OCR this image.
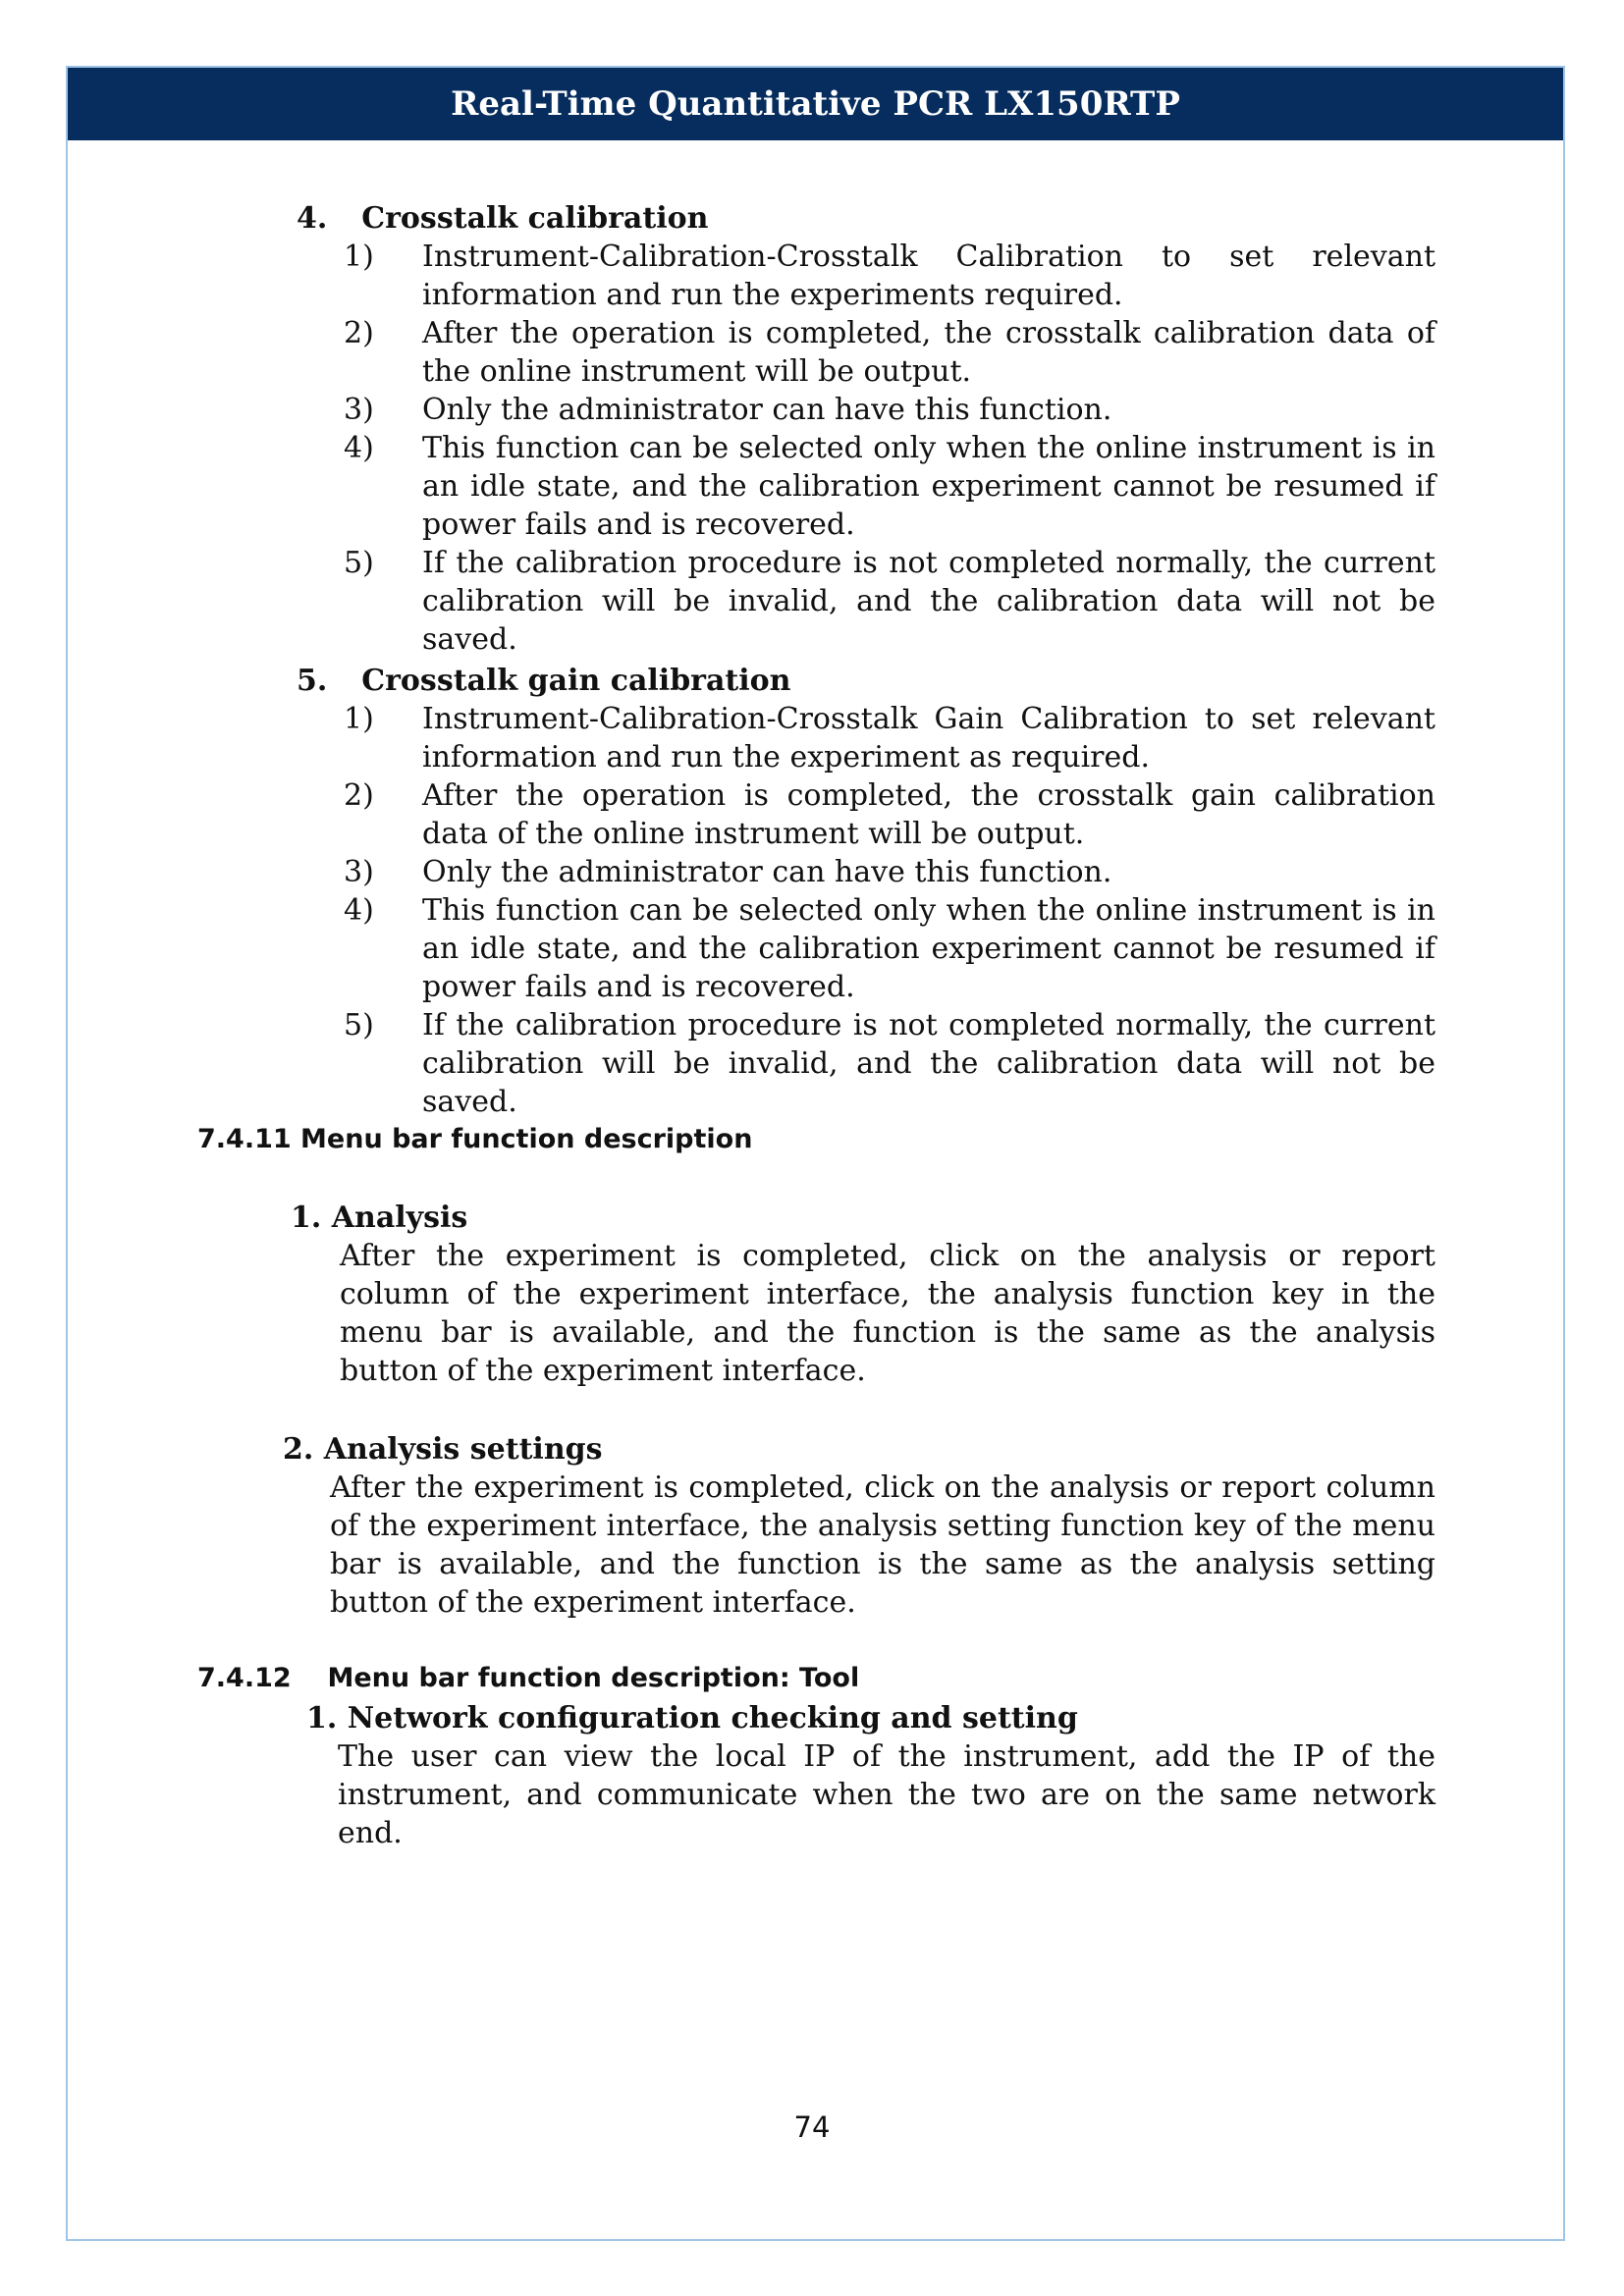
Real-Time Quantitative PCR LX150RTP
4. Crosstalk calibration
1)	Instrument-Calibration-Crosstalk Calibration to set relevant information and run the experiments required.
2)	After the operation is completed, the crosstalk calibration data of the online instrument will be output.
3)	Only the administrator can have this function.
4)	This function can be selected only when the online instrument is in an idle state, and the calibration experiment cannot be resumed if power fails and is recovered.
5)	If the calibration procedure is not completed normally, the current calibration will be invalid, and the calibration data will not be saved.
5. Crosstalk gain calibration
1)	Instrument-Calibration-Crosstalk Gain Calibration to set relevant information and run the experiment as required.
2)	After the operation is completed, the crosstalk gain calibration data of the online instrument will be output.
3)	Only the administrator can have this function.
4)	This function can be selected only when the online instrument is in an idle state, and the calibration experiment cannot be resumed if power fails and is recovered.
5)	If the calibration procedure is not completed normally, the current calibration will be invalid, and the calibration data will not be saved.
7.4.11 Menu bar function description
1. Analysis
After the experiment is completed, click on the analysis or report column of the experiment interface, the analysis function key in the menu bar is available, and the function is the same as the analysis button of the experiment interface.
2. Analysis settings
After the experiment is completed, click on the analysis or report column of the experiment interface, the analysis setting function key of the menu bar is available, and the function is the same as the analysis setting button of the experiment interface.
7.4.12 Menu bar function description: Tool
1. Network configuration checking and setting
The user can view the local IP of the instrument, add the IP of the instrument, and communicate when the two are on the same network end.
74
